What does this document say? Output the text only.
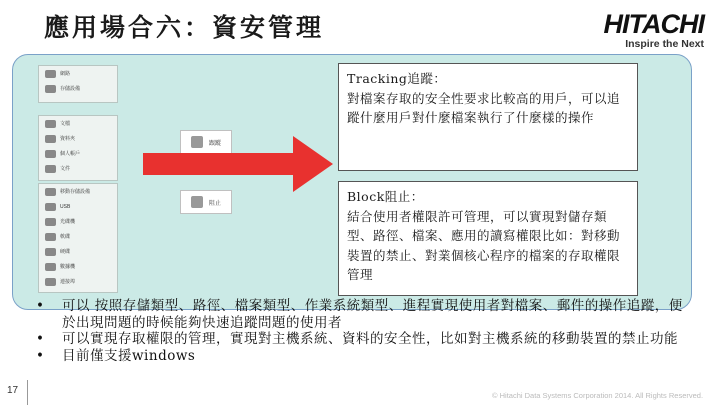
應用場合六：資安管理	HITACHI
Inspire the Next
網路
存儲設備
文檔
資料夾
個人帳戶
文件
移動存儲設備
USB
光碟機
軟碟
硬碟
數據機
連接埠
跟蹤
阻止
Tracking追蹤：
對檔案存取的安全性要求比較高的用戶，可以追蹤什麼用戶對什麼檔案執行了什麼樣的操作
Block阻止：
結合使用者權限許可管理，可以實現對儲存類型、路徑、檔案、應用的讀寫權限比如：對移動裝置的禁止、對業個核心程序的檔案的存取權限管理
•	可以 按照存儲類型、路徑、檔案類型、作業系統類型、進程實現使用者對檔案、郵件的操作追蹤，便於出現問題的時候能夠快速追蹤問題的使用者
•	可以實現存取權限的管理，實現對主機系統、資料的安全性，比如對主機系統的移動裝置的禁止功能
•	目前僅支援windows
17	© Hitachi Data Systems Corporation 2014. All Rights Reserved.
